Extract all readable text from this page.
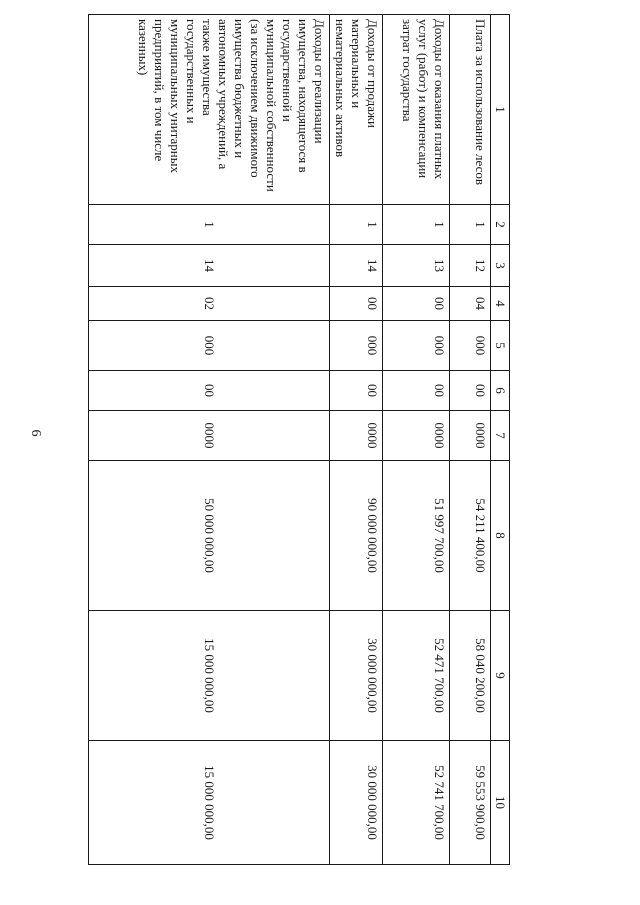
6
1	2	3	4	5	6	7	8	9	10
Плата за использование лесов	1	12	04	000	00	0000	54 211 400,00	58 040 200,00	59 553 900,00
Доходы от оказания платных услуг (работ) и компенсации затрат государства	1	13	00	000	00	0000	51 997 700,00	52 471 700,00	52 741 700,00
Доходы от продажи материальных и нематериальных активов	1	14	00	000	00	0000	90 000 000,00	30 000 000,00	30 000 000,00
Доходы от реализации имущества, находящегося в государственной и муниципальной собственности (за исключением движимого имущества бюджетных и автономных учреждений, а также имущества государственных и муниципальных унитарных предприятий, в том числе казенных)	1	14	02	000	00	0000	50 000 000,00	15 000 000,00	15 000 000,00
